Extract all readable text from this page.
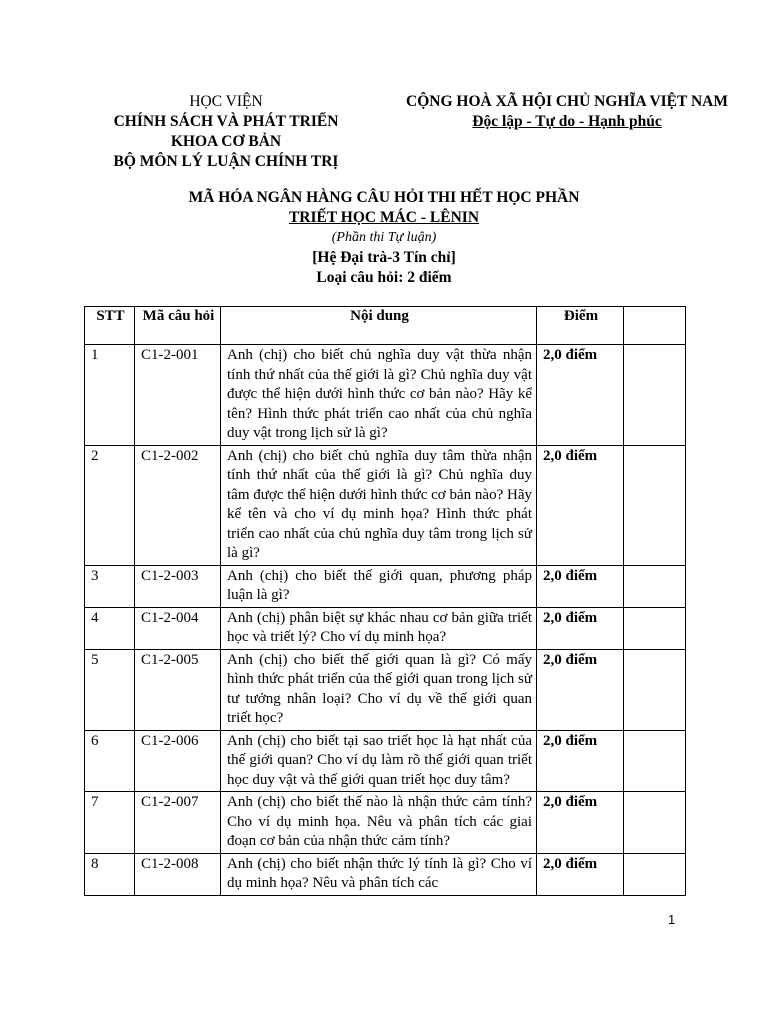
HỌC VIỆN
CHÍNH SÁCH VÀ PHÁT TRIỂN
KHOA CƠ BẢN
BỘ MÔN LÝ LUẬN CHÍNH TRỊ
CỘNG HOÀ XÃ HỘI CHỦ NGHĨA VIỆT NAM
Độc lập - Tự do - Hạnh phúc
MÃ HÓA NGÂN HÀNG CÂU HỎI THI HẾT HỌC PHẦN
TRIẾT HỌC MÁC - LÊNIN
(Phần thi Tự luận)
[Hệ Đại trà-3 Tín chỉ]
Loại câu hỏi: 2 điểm
STT	Mã câu hỏi	Nội dung	Điểm	
1	C1-2-001	Anh (chị) cho biết chủ nghĩa duy vật thừa nhận tính thứ nhất của thế giới là gì? Chủ nghĩa duy vật được thể hiện dưới hình thức cơ bản nào? Hãy kể tên? Hình thức phát triển cao nhất của chủ nghĩa duy vật trong lịch sử là gì?	2,0 điểm	
2	C1-2-002	Anh (chị) cho biết chủ nghĩa duy tâm thừa nhận tính thứ nhất của thế giới là gì? Chủ nghĩa duy tâm được thể hiện dưới hình thức cơ bản nào? Hãy kể tên và cho ví dụ minh họa? Hình thức phát triển cao nhất của chủ nghĩa duy tâm trong lịch sử là gì?	2,0 điểm	
3	C1-2-003	Anh (chị) cho biết thế giới quan, phương pháp luận là gì?	2,0 điểm	
4	C1-2-004	Anh (chị) phân biệt sự khác nhau cơ bản giữa triết học và triết lý? Cho ví dụ minh họa?	2,0 điểm	
5	C1-2-005	Anh (chị) cho biết thế giới quan là gì? Có mấy hình thức phát triển của thế giới quan trong lịch sử tư tưởng nhân loại? Cho ví dụ về thế giới quan triết học?	2,0 điểm	
6	C1-2-006	Anh (chị) cho biết tại sao triết học là hạt nhất của thế giới quan? Cho ví dụ làm rõ thế giới quan triết học duy vật và thế giới quan triết học duy tâm?	2,0 điểm	
7	C1-2-007	Anh (chị) cho biết thế nào là nhận thức cảm tính? Cho ví dụ minh họa. Nêu và phân tích các giai đoạn cơ bản của nhận thức cảm tính?	2,0 điểm	
8	C1-2-008	Anh (chị) cho biết nhận thức lý tính là gì? Cho ví dụ minh họa? Nêu và phân tích các	2,0 điểm	
1
